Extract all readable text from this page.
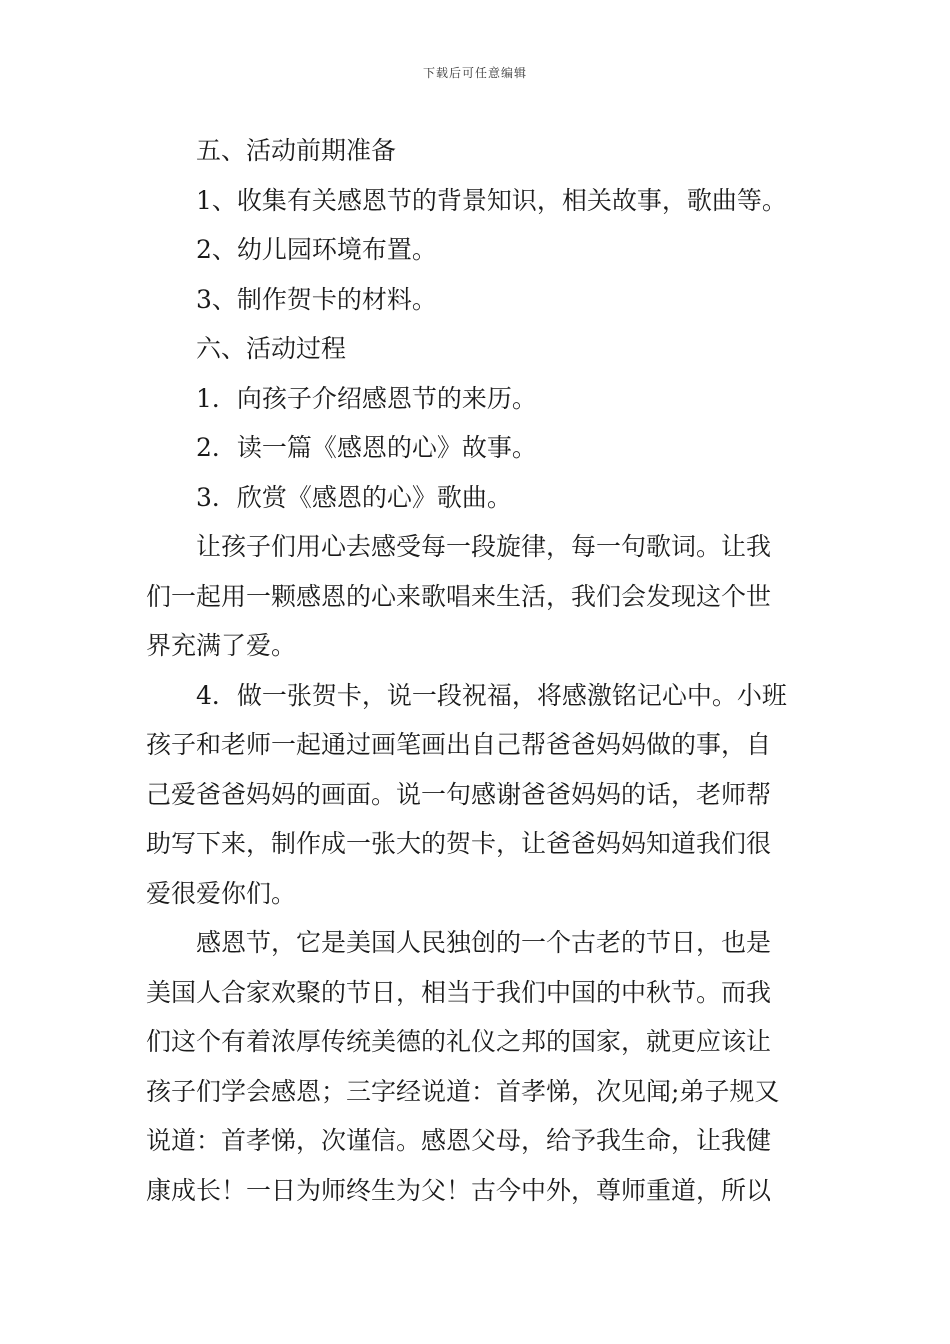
下载后可任意编辑
五、活动前期准备
1、收集有关感恩节的背景知识，相关故事，歌曲等。
2、幼儿园环境布置。
3、制作贺卡的材料。
六、活动过程
1．向孩子介绍感恩节的来历。
2．读一篇《感恩的心》故事。
3．欣赏《感恩的心》歌曲。
让孩子们用心去感受每一段旋律，每一句歌词。让我
们一起用一颗感恩的心来歌唱来生活，我们会发现这个世
界充满了爱。
4．做一张贺卡，说一段祝福，将感激铭记心中。小班
孩子和老师一起通过画笔画出自己帮爸爸妈妈做的事，自
己爱爸爸妈妈的画面。说一句感谢爸爸妈妈的话，老师帮
助写下来，制作成一张大的贺卡，让爸爸妈妈知道我们很
爱很爱你们。
感恩节，它是美国人民独创的一个古老的节日，也是
美国人合家欢聚的节日，相当于我们中国的中秋节。而我
们这个有着浓厚传统美德的礼仪之邦的国家，就更应该让
孩子们学会感恩；三字经说道：首孝悌，次见闻;弟子规又
说道：首孝悌，次谨信。感恩父母，给予我生命，让我健
康成长！一日为师终生为父！古今中外，尊师重道，所以
